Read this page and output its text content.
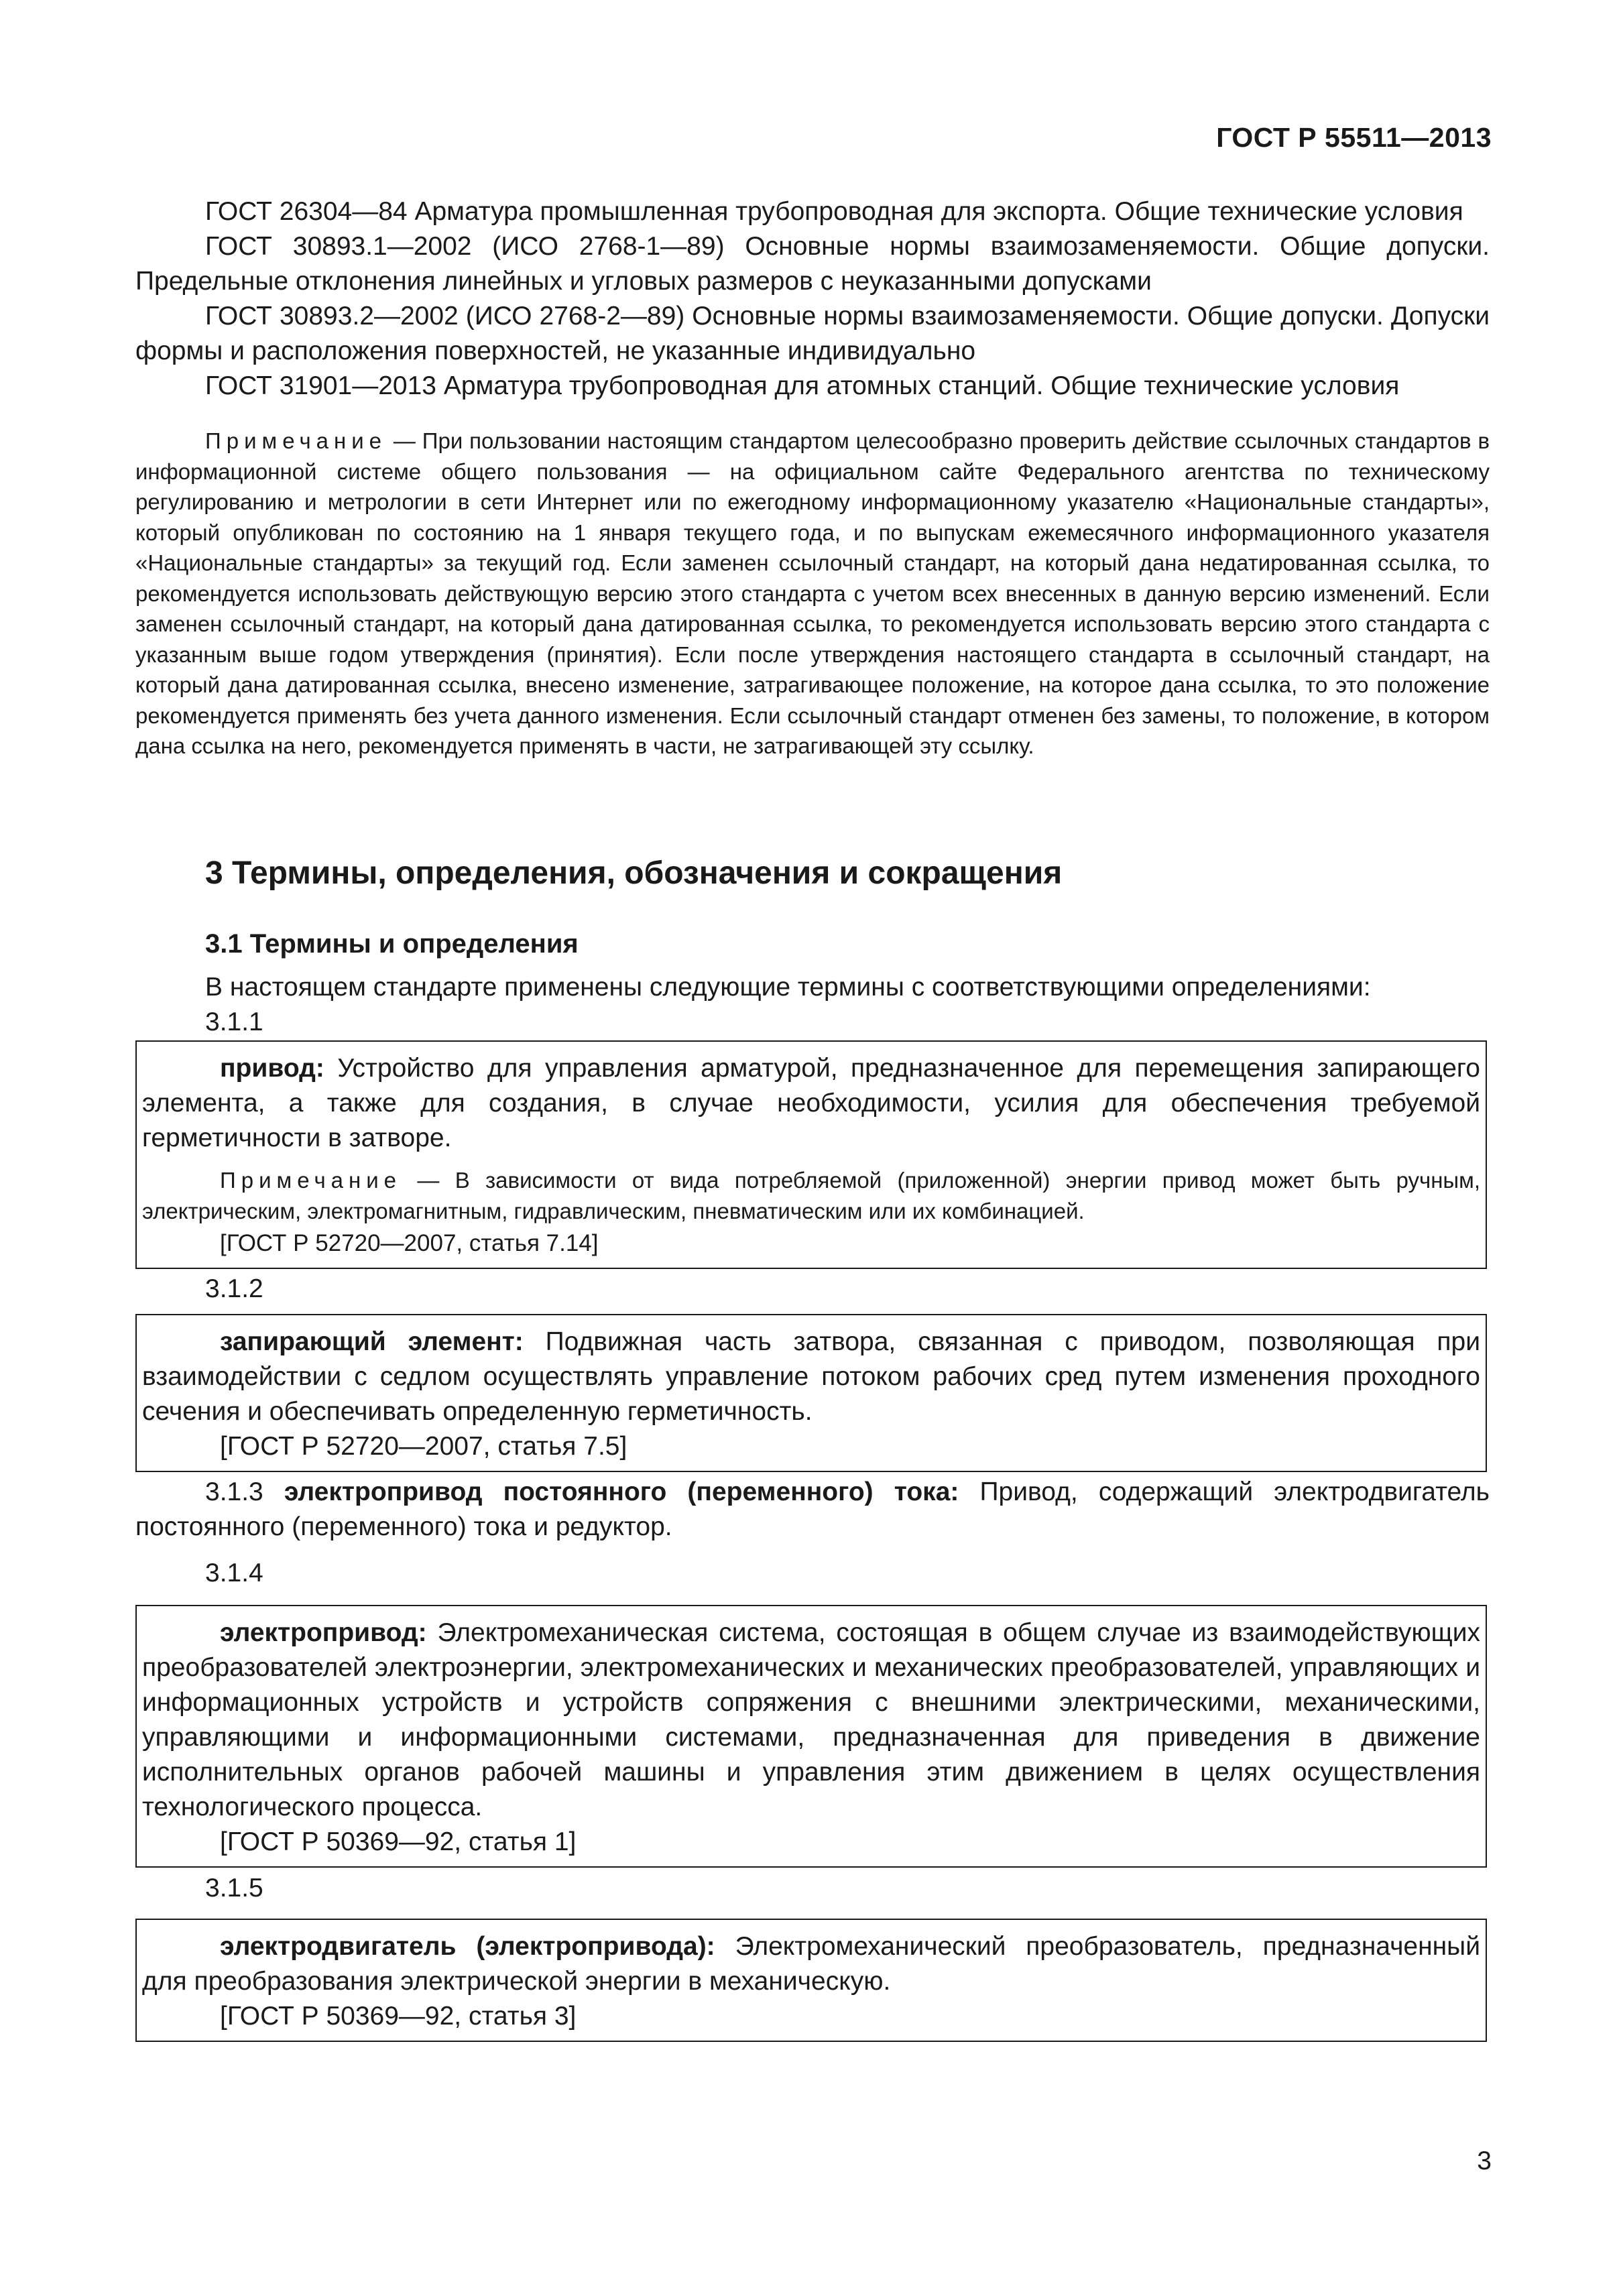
ГОСТ Р 55511—2013

ГОСТ 26304—84 Арматура промышленная трубопроводная для экспорта. Общие технические условия

ГОСТ 30893.1—2002 (ИСО 2768-1—89) Основные нормы взаимозаменяемости. Общие допуски. Предельные отклонения линейных и угловых размеров с неуказанными допусками

ГОСТ 30893.2—2002 (ИСО 2768-2—89) Основные нормы взаимозаменяемости. Общие допуски. Допуски формы и расположения поверхностей, не указанные индивидуально

ГОСТ 31901—2013 Арматура трубопроводная для атомных станций. Общие технические условия

Примечание — При пользовании настоящим стандартом целесообразно проверить действие ссылочных стандартов в информационной системе общего пользования — на официальном сайте Федерального агентства по техническому регулированию и метрологии в сети Интернет или по ежегодному информационному указателю «Национальные стандарты», который опубликован по состоянию на 1 января текущего года, и по выпускам ежемесячного информационного указателя «Национальные стандарты» за текущий год. Если заменен ссылочный стандарт, на который дана недатированная ссылка, то рекомендуется использовать действующую версию этого стандарта с учетом всех внесенных в данную версию изменений. Если заменен ссылочный стандарт, на который дана датированная ссылка, то рекомендуется использовать версию этого стандарта с указанным выше годом утверждения (принятия). Если после утверждения настоящего стандарта в ссылочный стандарт, на который дана датированная ссылка, внесено изменение, затрагивающее положение, на которое дана ссылка, то это положение рекомендуется применять без учета данного изменения. Если ссылочный стандарт отменен без замены, то положение, в котором дана ссылка на него, рекомендуется применять в части, не затрагивающей эту ссылку.

3 Термины, определения, обозначения и сокращения
3.1 Термины и определения

В настоящем стандарте применены следующие термины с соответствующими определениями:

3.1.1

привод: Устройство для управления арматурой, предназначенное для перемещения запирающего элемента, а также для создания, в случае необходимости, усилия для обеспечения требуемой герметичности в затворе.

Примечание — В зависимости от вида потребляемой (приложенной) энергии привод может быть ручным, электрическим, электромагнитным, гидравлическим, пневматическим или их комбинацией.

[ГОСТ Р 52720—2007, статья 7.14]

3.1.2

запирающий элемент: Подвижная часть затвора, связанная с приводом, позволяющая при взаимодействии с седлом осуществлять управление потоком рабочих сред путем изменения проходного сечения и обеспечивать определенную герметичность.

[ГОСТ Р 52720—2007, статья 7.5]

3.1.3 электропривод постоянного (переменного) тока: Привод, содержащий электродвигатель постоянного (переменного) тока и редуктор.

3.1.4

электропривод: Электромеханическая система, состоящая в общем случае из взаимодействующих преобразователей электроэнергии, электромеханических и механических преобразователей, управляющих и информационных устройств и устройств сопряжения с внешними электрическими, механическими, управляющими и информационными системами, предназначенная для приведения в движение исполнительных органов рабочей машины и управления этим движением в целях осуществления технологического процесса.

[ГОСТ Р 50369—92, статья 1]

3.1.5

электродвигатель (электропривода): Электромеханический преобразователь, предназначенный для преобразования электрической энергии в механическую.

[ГОСТ Р 50369—92, статья 3]

3
